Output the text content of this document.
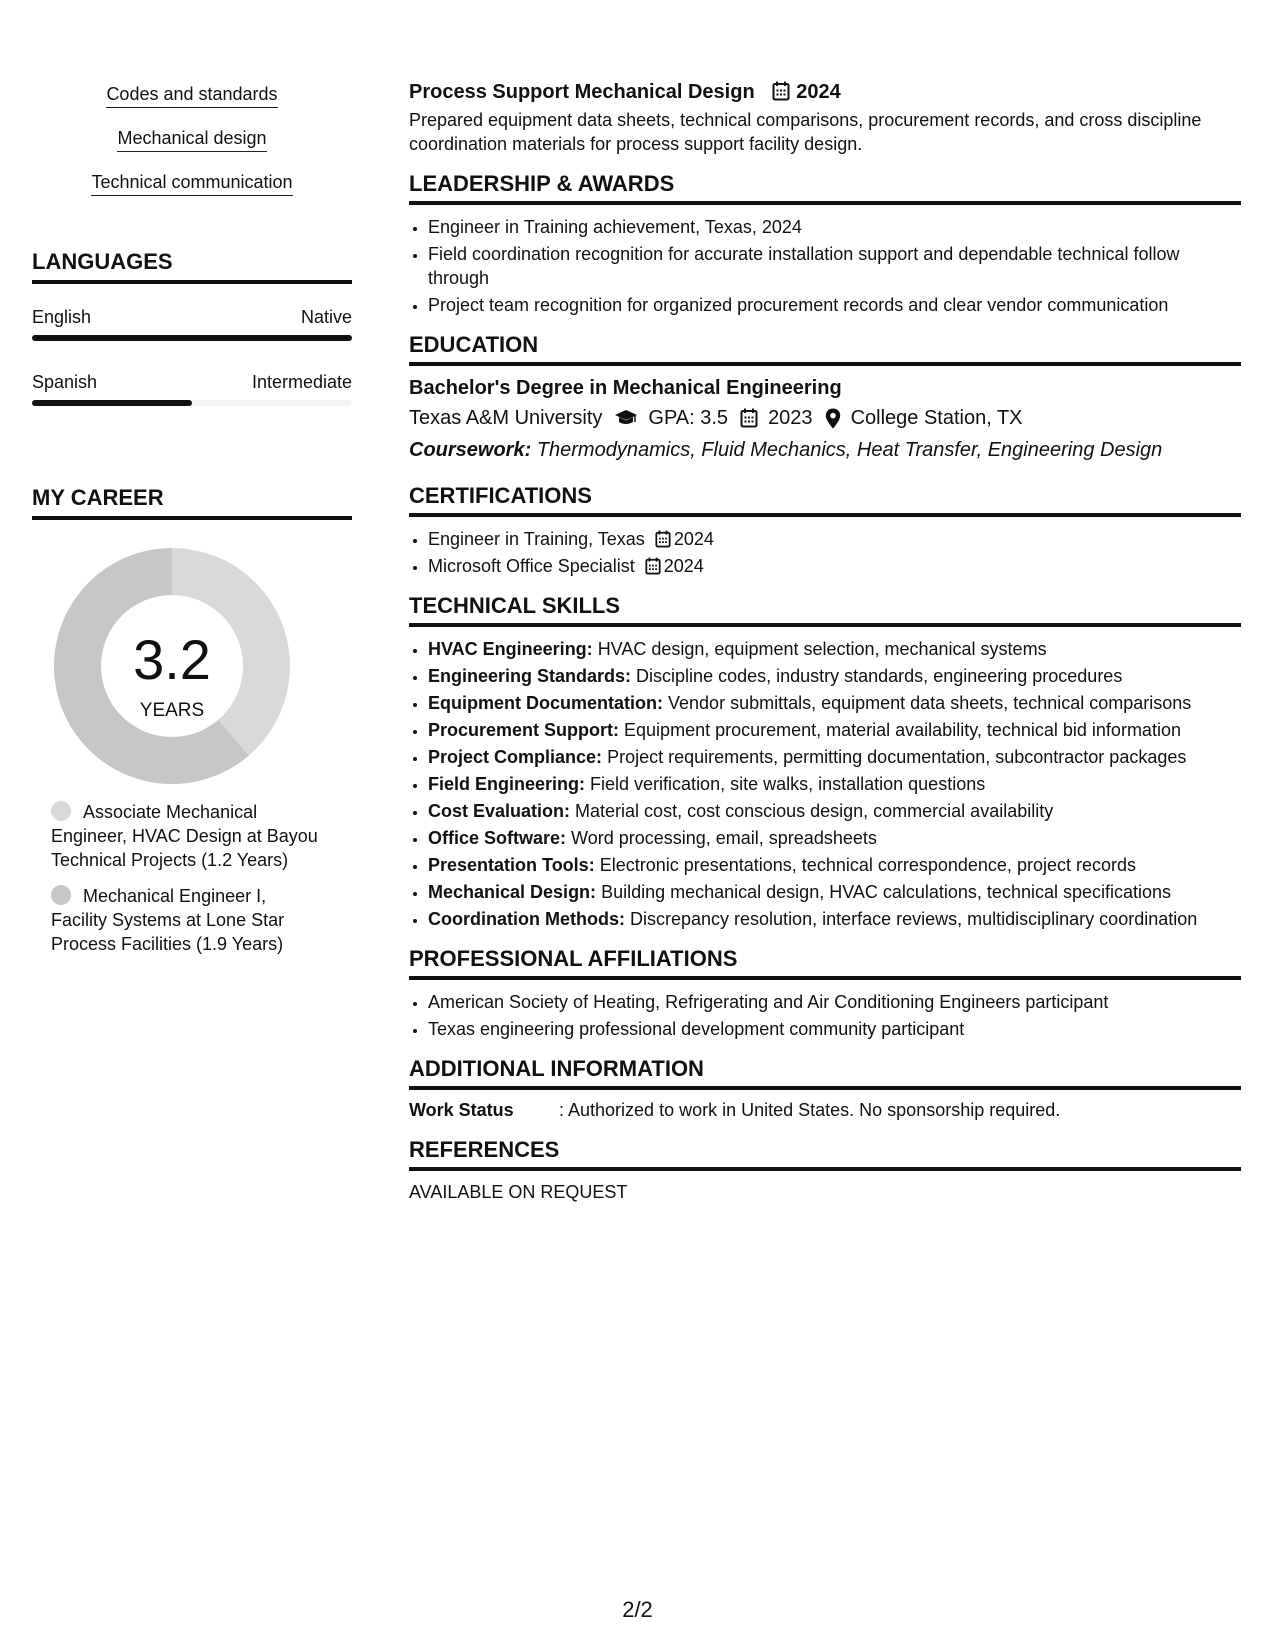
Codes and standards
Mechanical design
Technical communication
LANGUAGES
English	Native
Spanish	Intermediate
MY CAREER
3.2
YEARS
Associate Mechanical Engineer, HVAC Design at Bayou Technical Projects (1.2 Years)
Mechanical Engineer I, Facility Systems at Lone Star Process Facilities (1.9 Years)
Process Support Mechanical Design 2024
Prepared equipment data sheets, technical comparisons, procurement records, and cross discipline coordination materials for process support facility design.
LEADERSHIP & AWARDS
• Engineer in Training achievement, Texas, 2024
• Field coordination recognition for accurate installation support and dependable technical follow through
• Project team recognition for organized procurement records and clear vendor communication
EDUCATION
Bachelor's Degree in Mechanical Engineering
Texas A&M University GPA: 3.5 2023 College Station, TX
Coursework: Thermodynamics, Fluid Mechanics, Heat Transfer, Engineering Design
CERTIFICATIONS
• Engineer in Training, Texas 2024
• Microsoft Office Specialist 2024
TECHNICAL SKILLS
• HVAC Engineering: HVAC design, equipment selection, mechanical systems
• Engineering Standards: Discipline codes, industry standards, engineering procedures
• Equipment Documentation: Vendor submittals, equipment data sheets, technical comparisons
• Procurement Support: Equipment procurement, material availability, technical bid information
• Project Compliance: Project requirements, permitting documentation, subcontractor packages
• Field Engineering: Field verification, site walks, installation questions
• Cost Evaluation: Material cost, cost conscious design, commercial availability
• Office Software: Word processing, email, spreadsheets
• Presentation Tools: Electronic presentations, technical correspondence, project records
• Mechanical Design: Building mechanical design, HVAC calculations, technical specifications
• Coordination Methods: Discrepancy resolution, interface reviews, multidisciplinary coordination
PROFESSIONAL AFFILIATIONS
• American Society of Heating, Refrigerating and Air Conditioning Engineers participant
• Texas engineering professional development community participant
ADDITIONAL INFORMATION
Work Status	: Authorized to work in United States. No sponsorship required.
REFERENCES
AVAILABLE ON REQUEST
2/2
